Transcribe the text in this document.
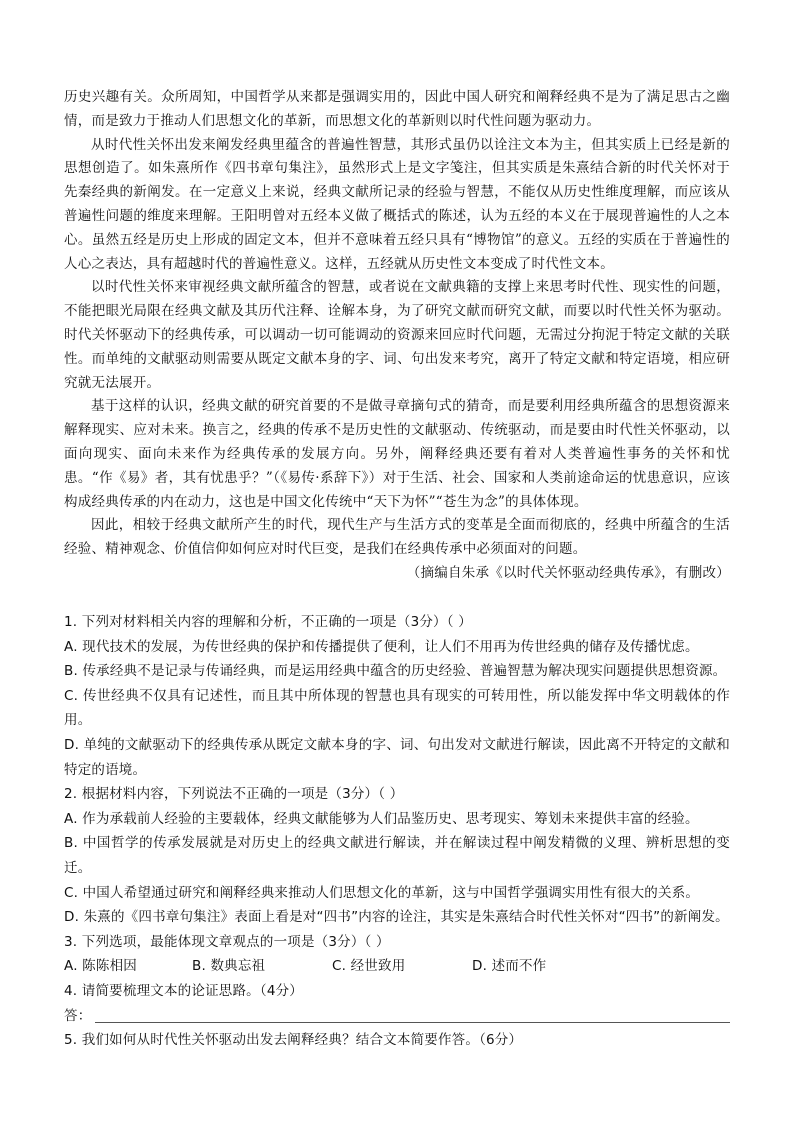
历史兴趣有关。众所周知，中国哲学从来都是强调实用的，因此中国人研究和阐释经典不是为了满足思古之幽情，而是致力于推动人们思想文化的革新，而思想文化的革新则以时代性问题为驱动力。

从时代性关怀出发来阐发经典里蕴含的普遍性智慧，其形式虽仍以诠注文本为主，但其实质上已经是新的思想创造了。如朱熹所作《四书章句集注》，虽然形式上是文字笺注，但其实质是朱熹结合新的时代关怀对于先秦经典的新阐发。在一定意义上来说，经典文献所记录的经验与智慧，不能仅从历史性维度理解，而应该从普遍性问题的维度来理解。王阳明曾对五经本义做了概括式的陈述，认为五经的本义在于展现普遍性的人之本心。虽然五经是历史上形成的固定文本，但并不意味着五经只具有“博物馆”的意义。五经的实质在于普遍性的人心之表达，具有超越时代的普遍性意义。这样，五经就从历史性文本变成了时代性文本。

以时代性关怀来审视经典文献所蕴含的智慧，或者说在文献典籍的支撑上来思考时代性、现实性的问题，不能把眼光局限在经典文献及其历代注释、诠解本身，为了研究文献而研究文献，而要以时代性关怀为驱动。时代关怀驱动下的经典传承，可以调动一切可能调动的资源来回应时代问题，无需过分拘泥于特定文献的关联性。而单纯的文献驱动则需要从既定文献本身的字、词、句出发来考究，离开了特定文献和特定语境，相应研究就无法展开。

基于这样的认识，经典文献的研究首要的不是做寻章摘句式的猜奇，而是要利用经典所蕴含的思想资源来解释现实、应对未来。换言之，经典的传承不是历史性的文献驱动、传统驱动，而是要由时代性关怀驱动，以面向现实、面向未来作为经典传承的发展方向。另外，阐释经典还要有着对人类普遍性事务的关怀和忧患。“作《易》者，其有忧患乎？”（《易传·系辞下》）对于生活、社会、国家和人类前途命运的忧患意识，应该构成经典传承的内在动力，这也是中国文化传统中“天下为怀”“苍生为念”的具体体现。

因此，相较于经典文献所产生的时代，现代生产与生活方式的变革是全面而彻底的，经典中所蕴含的生活经验、精神观念、价值信仰如何应对时代巨变，是我们在经典传承中必须面对的问题。

（摘编自朱承《以时代关怀驱动经典传承》，有删改）

1. 下列对材料相关内容的理解和分析，不正确的一项是（3分）（ ）

A. 现代技术的发展，为传世经典的保护和传播提供了便利，让人们不用再为传世经典的储存及传播忧虑。

B. 传承经典不是记录与传诵经典，而是运用经典中蕴含的历史经验、普遍智慧为解决现实问题提供思想资源。

C. 传世经典不仅具有记述性，而且其中所体现的智慧也具有现实的可转用性，所以能发挥中华文明载体的作用。

D. 单纯的文献驱动下的经典传承从既定文献本身的字、词、句出发对文献进行解读，因此离不开特定的文献和特定的语境。

2. 根据材料内容，下列说法不正确的一项是（3分）（ ）

A. 作为承载前人经验的主要载体，经典文献能够为人们品鉴历史、思考现实、筹划未来提供丰富的经验。

B. 中国哲学的传承发展就是对历史上的经典文献进行解读，并在解读过程中阐发精微的义理、辨析思想的变迁。

C. 中国人希望通过研究和阐释经典来推动人们思想文化的革新，这与中国哲学强调实用性有很大的关系。

D. 朱熹的《四书章句集注》表面上看是对“四书”内容的诠注，其实是朱熹结合时代性关怀对“四书”的新阐发。

3. 下列选项，最能体现文章观点的一项是（3分）（ ）

A. 陈陈相因	B. 数典忘祖	C. 经世致用	D. 述而不作

4. 请简要梳理文本的论证思路。（4分）

答：

5. 我们如何从时代性关怀驱动出发去阐释经典？结合文本简要作答。（6分）
